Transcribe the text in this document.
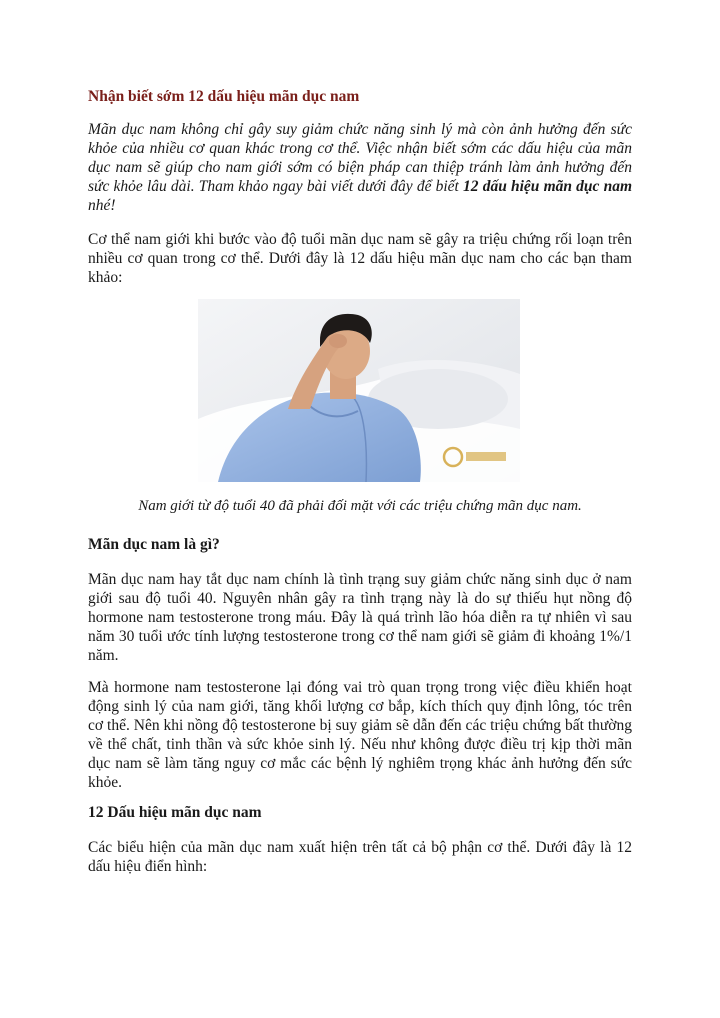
Nhận biết sớm 12 dấu hiệu mãn dục nam

Mãn dục nam không chỉ gây suy giảm chức năng sinh lý mà còn ảnh hưởng đến sức khỏe của nhiều cơ quan khác trong cơ thể. Việc nhận biết sớm các dấu hiệu của mãn dục nam sẽ giúp cho nam giới sớm có biện pháp can thiệp tránh làm ảnh hưởng đến sức khỏe lâu dài. Tham khảo ngay bài viết dưới đây để biết 12 dấu hiệu mãn dục nam nhé!

Cơ thể nam giới khi bước vào độ tuổi mãn dục nam sẽ gây ra triệu chứng rối loạn trên nhiều cơ quan trong cơ thể. Dưới đây là 12 dấu hiệu mãn dục nam cho các bạn tham khảo:

Nam giới từ độ tuổi 40 đã phải đối mặt với các triệu chứng mãn dục nam.

Mãn dục nam là gì?

Mãn dục nam hay tắt dục nam chính là tình trạng suy giảm chức năng sinh dục ở nam giới sau độ tuổi 40. Nguyên nhân gây ra tình trạng này là do sự thiếu hụt nồng độ hormone nam testosterone trong máu. Đây là quá trình lão hóa diễn ra tự nhiên vì sau năm 30 tuổi ước tính lượng testosterone trong cơ thể nam giới sẽ giảm đi khoảng 1%/1 năm.

Mà hormone nam testosterone lại đóng vai trò quan trọng trong việc điều khiển hoạt động sinh lý của nam giới, tăng khối lượng cơ bắp, kích thích quy định lông, tóc trên cơ thể. Nên khi nồng độ testosterone bị suy giảm sẽ dẫn đến các triệu chứng bất thường về thể chất, tinh thần và sức khỏe sinh lý. Nếu như không được điều trị kịp thời mãn dục nam sẽ làm tăng nguy cơ mắc các bệnh lý nghiêm trọng khác ảnh hưởng đến sức khỏe.

12 Dấu hiệu mãn dục nam

Các biểu hiện của mãn dục nam xuất hiện trên tất cả bộ phận cơ thể. Dưới đây là 12 dấu hiệu điển hình:
